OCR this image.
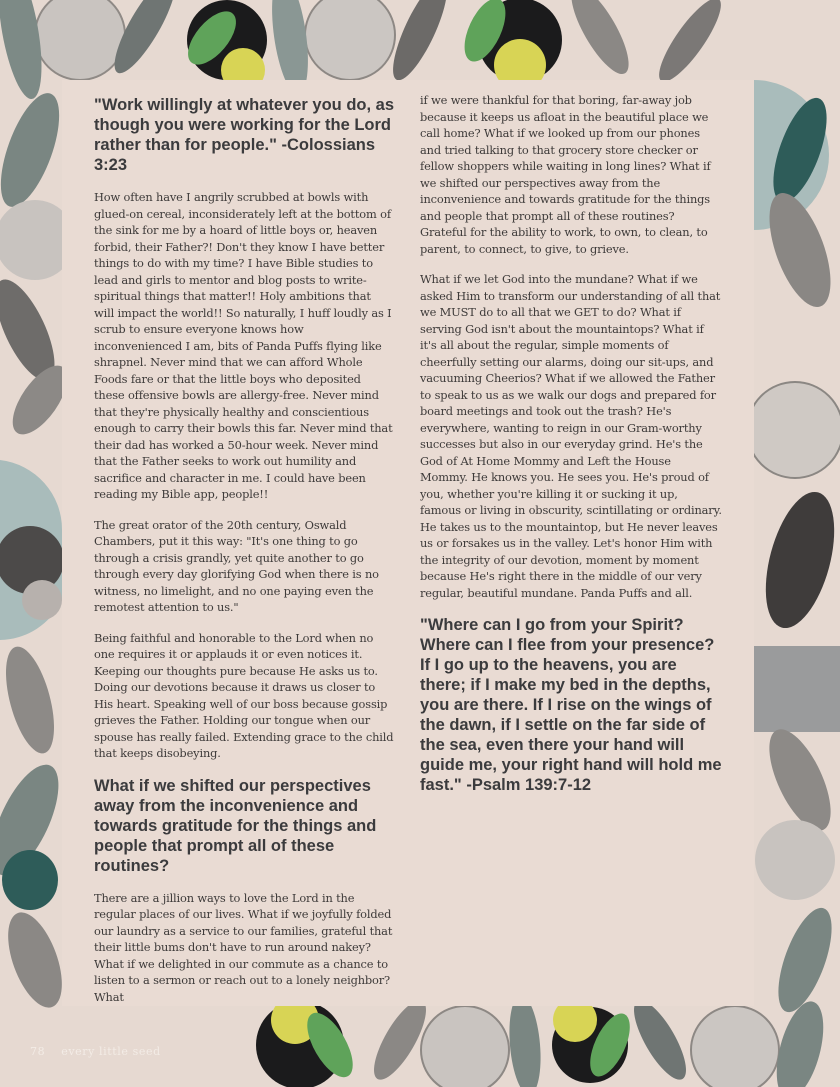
"Work willingly at whatever you do, as though you were working for the Lord rather than for people." -Colossians 3:23

How often have I angrily scrubbed at bowls with glued-on cereal, inconsiderately left at the bottom of the sink for me by a hoard of little boys or, heaven forbid, their Father?! Don't they know I have better things to do with my time? I have Bible studies to lead and girls to mentor and blog posts to write- spiritual things that matter!! Holy ambitions that will impact the world!! So naturally, I huff loudly as I scrub to ensure everyone knows how inconvenienced I am, bits of Panda Puffs flying like shrapnel. Never mind that we can afford Whole Foods fare or that the little boys who deposited these offensive bowls are allergy-free. Never mind that they're physically healthy and conscientious enough to carry their bowls this far. Never mind that their dad has worked a 50-hour week. Never mind that the Father seeks to work out humility and sacrifice and character in me. I could have been reading my Bible app, people!!

The great orator of the 20th century, Oswald Chambers, put it this way: "It's one thing to go through a crisis grandly, yet quite another to go through every day glorifying God when there is no witness, no limelight, and no one paying even the remotest attention to us."

Being faithful and honorable to the Lord when no one requires it or applauds it or even notices it. Keeping our thoughts pure because He asks us to. Doing our devotions because it draws us closer to His heart. Speaking well of our boss because gossip grieves the Father. Holding our tongue when our spouse has really failed. Extending grace to the child that keeps disobeying.

What if we shifted our perspectives away from the inconvenience and towards gratitude for the things and people that prompt all of these routines?

There are a jillion ways to love the Lord in the regular places of our lives. What if we joyfully folded our laundry as a service to our families, grateful that their little bums don't have to run around nakey? What if we delighted in our commute as a chance to listen to a sermon or reach out to a lonely neighbor? What

if we were thankful for that boring, far-away job because it keeps us afloat in the beautiful place we call home? What if we looked up from our phones and tried talking to that grocery store checker or fellow shoppers while waiting in long lines? What if we shifted our perspectives away from the inconvenience and towards gratitude for the things and people that prompt all of these routines? Grateful for the ability to work, to own, to clean, to parent, to connect, to give, to grieve.

What if we let God into the mundane? What if we asked Him to transform our understanding of all that we MUST do to all that we GET to do? What if serving God isn't about the mountaintops? What if it's all about the regular, simple moments of cheerfully setting our alarms, doing our sit-ups, and vacuuming Cheerios? What if we allowed the Father to speak to us as we walk our dogs and prepared for board meetings and took out the trash? He's everywhere, wanting to reign in our Gram-worthy successes but also in our everyday grind. He's the God of At Home Mommy and Left the House Mommy. He knows you. He sees you. He's proud of you, whether you're killing it or sucking it up, famous or living in obscurity, scintillating or ordinary. He takes us to the mountaintop, but He never leaves us or forsakes us in the valley. Let's honor Him with the integrity of our devotion, moment by moment because He's right there in the middle of our very regular, beautiful mundane. Panda Puffs and all.

"Where can I go from your Spirit? Where can I flee from your presence? If I go up to the heavens, you are there; if I make my bed in the depths, you are there. If I rise on the wings of the dawn, if I settle on the far side of the sea, even there your hand will guide me, your right hand will hold me fast." -Psalm 139:7-12

78 every little seed
